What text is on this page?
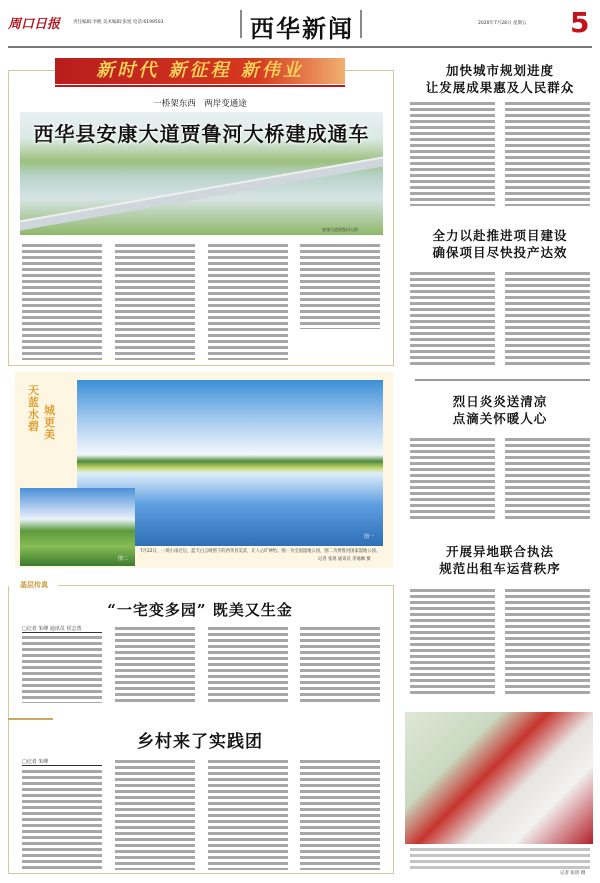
周口日报	责任编辑:李帆 美术编辑:张旭 电话:6199503	西华新闻	2020年7月28日 星期五 5
新时代 新征程 新伟业
一桥架东西　两岸变通途
西华县安康大道贾鲁河大桥建成通车
安康大道贾鲁河大桥
天蓝水碧
城更美
图一
图二
7月22日，一场小雨过后，蓝天白云映照下的西华县美景，让人心旷神怡。图一为全国湿地公园，图二为贾鲁河国家湿地公园。
记者 张瑶 通讯员 李逸琳 摄
基层传真
“一宅变多园” 既美又生金
□记者 朱峰 通讯员 侯志勇
乡村来了实践团
□记者 朱峰
加快城市规划进度
让发展成果惠及人民群众
全力以赴推进项目建设
确保项目尽快投产达效
烈日炎炎送清凉
点滴关怀暖人心
开展异地联合执法
规范出租车运营秩序
记者 张瑶 摄
